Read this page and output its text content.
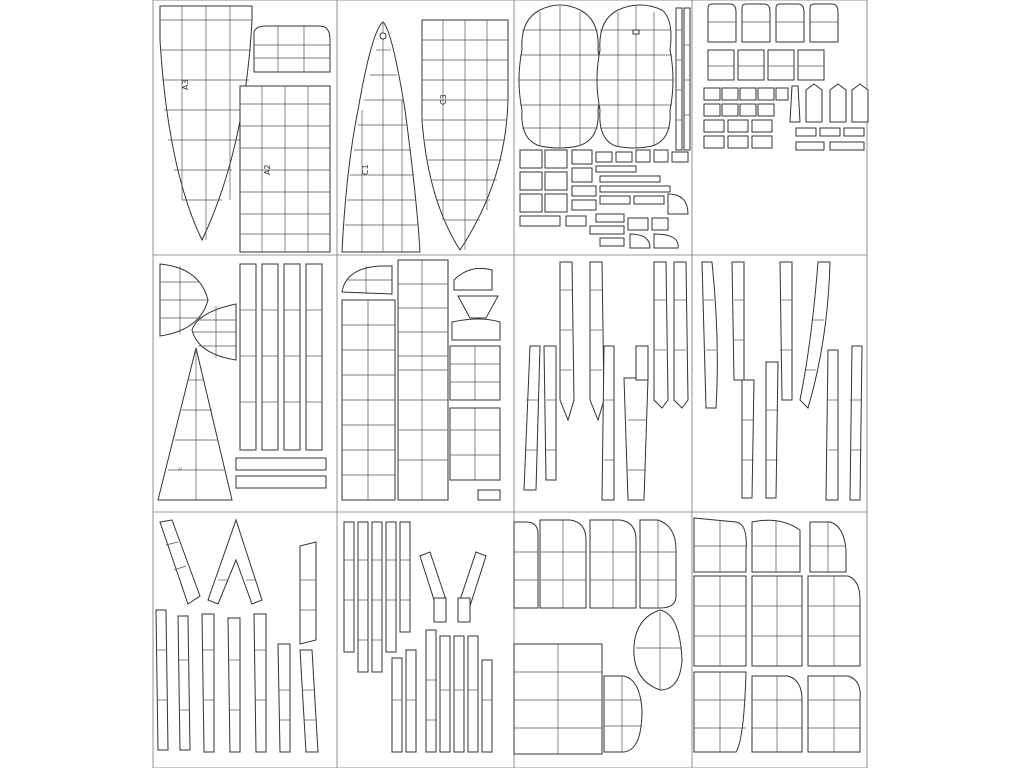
A3
A2	C1
C3
A1
